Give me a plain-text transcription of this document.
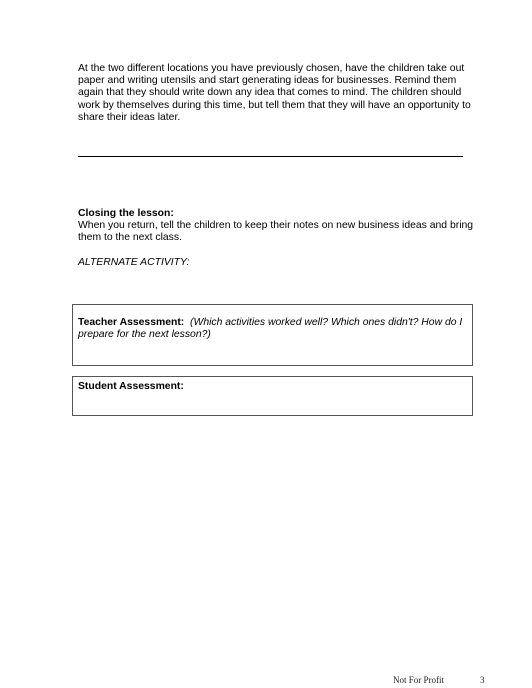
At the two different locations you have previously chosen, have the children take out paper and writing utensils and start generating ideas for businesses. Remind them again that they should write down any idea that comes to mind. The children should work by themselves during this time, but tell them that they will have an opportunity to share their ideas later.

Closing the lesson:
When you return, tell the children to keep their notes on new business ideas and bring them to the next class.

ALTERNATE ACTIVITY:

Teacher Assessment: (Which activities worked well? Which ones didn't? How do I prepare for the next lesson?)
Student Assessment:
Not For Profit	3
